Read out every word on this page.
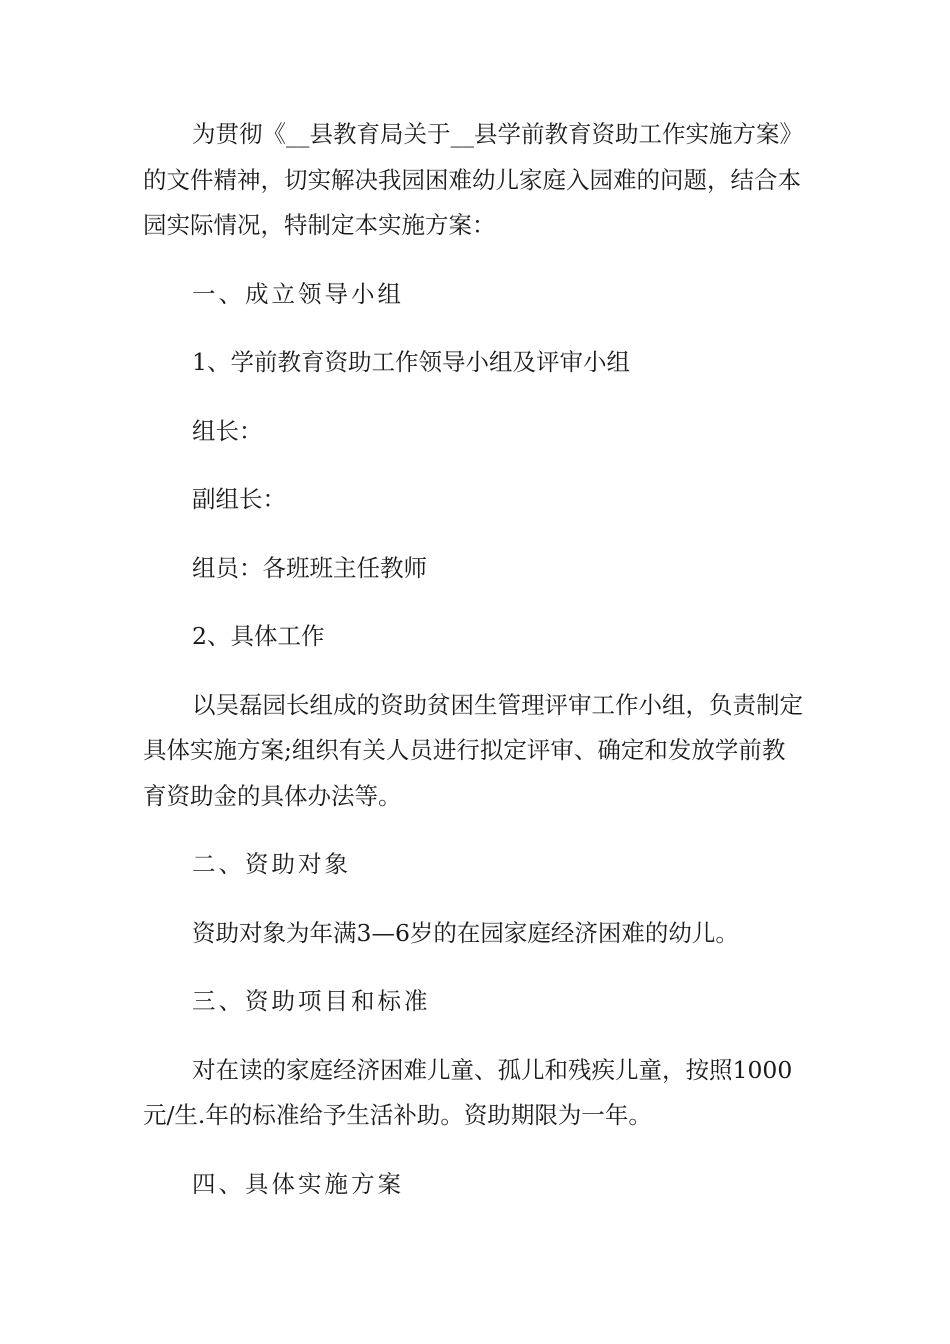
为贯彻《__县教育局关于__县学前教育资助工作实施方案》的文件精神，切实解决我园困难幼儿家庭入园难的问题，结合本园实际情况，特制定本实施方案：

一、成立领导小组

1、学前教育资助工作领导小组及评审小组

组长：

副组长：

组员：各班班主任教师

2、具体工作

以吴磊园长组成的资助贫困生管理评审工作小组，负责制定具体实施方案;组织有关人员进行拟定评审、确定和发放学前教育资助金的具体办法等。

二、资助对象

资助对象为年满3—6岁的在园家庭经济困难的幼儿。

三、资助项目和标准

对在读的家庭经济困难儿童、孤儿和残疾儿童，按照1000元/生.年的标准给予生活补助。资助期限为一年。

四、具体实施方案
